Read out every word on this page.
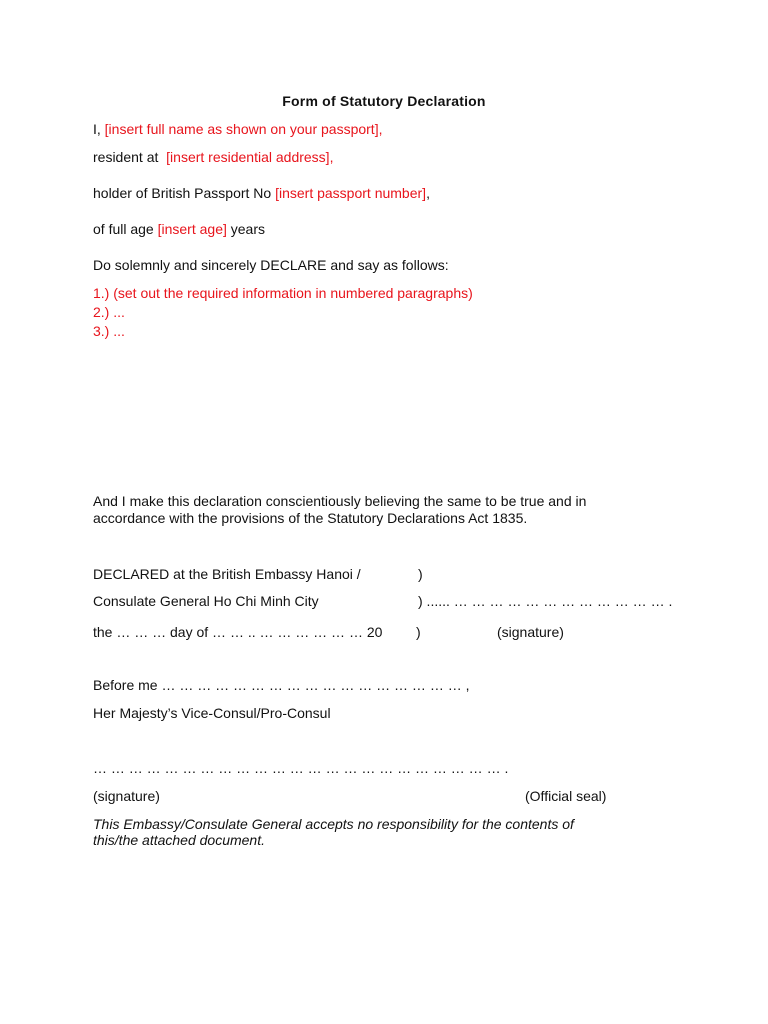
Form of Statutory Declaration
I, [insert full name as shown on your passport],
resident at  [insert residential address],
holder of British Passport No [insert passport number],
of full age [insert age] years
Do solemnly and sincerely DECLARE and say as follows:
1.) (set out the required information in numbered paragraphs)
2.) ...
3.) ...
And I make this declaration conscientiously believing the same to be true and in
accordance with the provisions of the Statutory Declarations Act 1835.
DECLARED at the British Embassy Hanoi /	)
Consulate General Ho Chi Minh City	) ...... … … … … … … … … … … … … .
the … … … day of … … .. … … … … … … 20 )	(signature)
Before me … … … … … … … … … … … … … … … … … ,
Her Majesty’s Vice-Consul/Pro-Consul
… … … … … … … … … … … … … … … … … … … … … … … .
(signature)	(Official seal)
This Embassy/Consulate General accepts no responsibility for the contents of
this/the attached document.
